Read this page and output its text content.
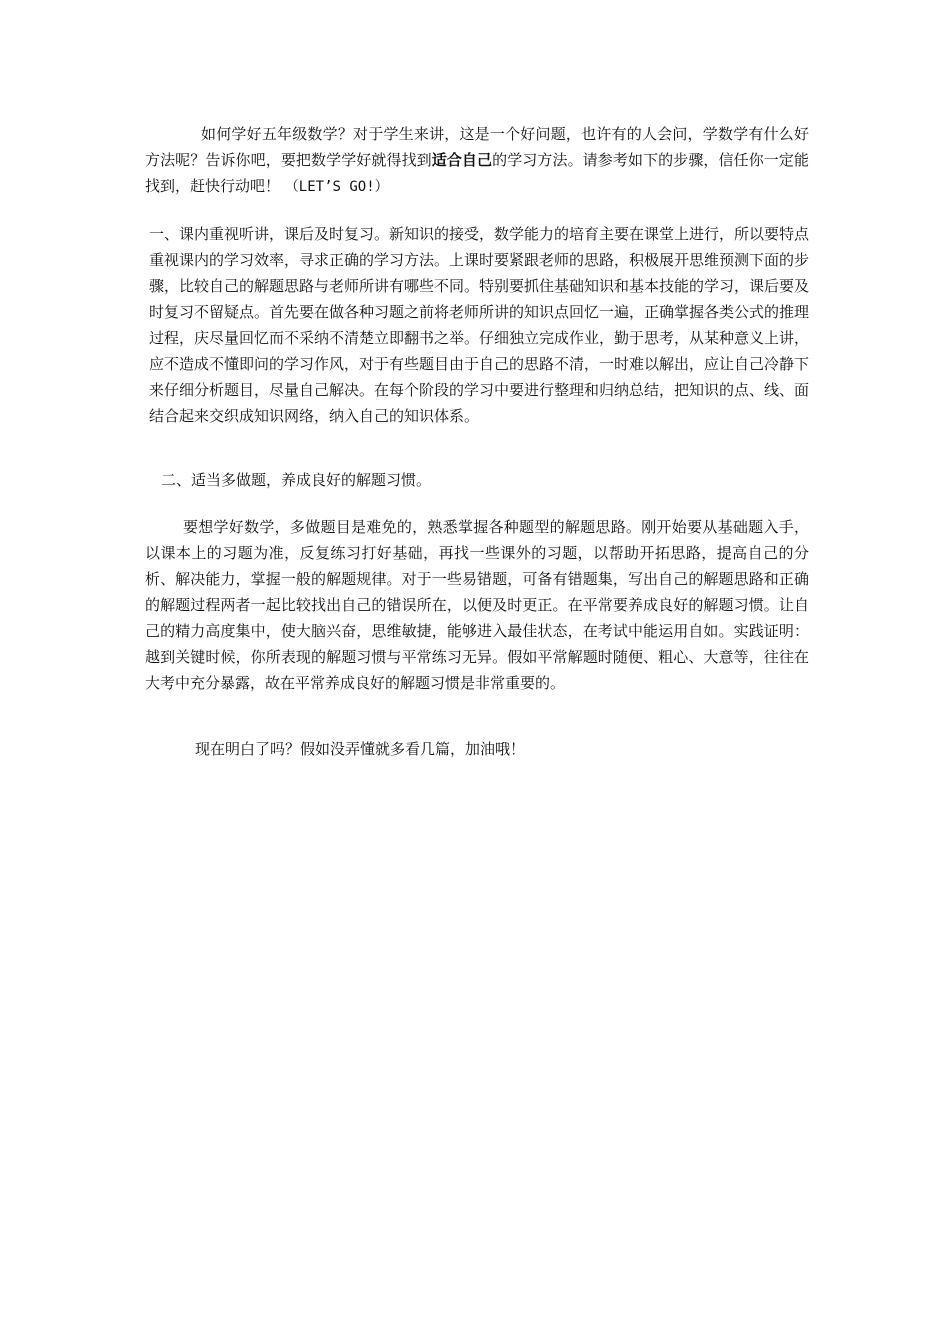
如何学好五年级数学？对于学生来讲，这是一个好问题，也许有的人会问，学数学有什么好方法呢？告诉你吧，要把数学学好就得找到适合自己的学习方法。请参考如下的步骤，信任你一定能找到，赶快行动吧！ （LET’S GO!）
一、课内重视听讲，课后及时复习。新知识的接受，数学能力的培育主要在课堂上进行，所以要特点重视课内的学习效率，寻求正确的学习方法。上课时要紧跟老师的思路，积极展开思维预测下面的步骤，比较自己的解题思路与老师所讲有哪些不同。特别要抓住基础知识和基本技能的学习，课后要及时复习不留疑点。首先要在做各种习题之前将老师所讲的知识点回忆一遍，正确掌握各类公式的推理过程，庆尽量回忆而不采纳不清楚立即翻书之举。仔细独立完成作业，勤于思考，从某种意义上讲，应不造成不懂即问的学习作风，对于有些题目由于自己的思路不清，一时难以解出，应让自己冷静下来仔细分析题目，尽量自己解决。在每个阶段的学习中要进行整理和归纳总结，把知识的点、线、面结合起来交织成知识网络，纳入自己的知识体系。
二、适当多做题，养成良好的解题习惯。
要想学好数学，多做题目是难免的，熟悉掌握各种题型的解题思路。刚开始要从基础题入手，以课本上的习题为准，反复练习打好基础，再找一些课外的习题，以帮助开拓思路，提高自己的分析、解决能力，掌握一般的解题规律。对于一些易错题，可备有错题集，写出自己的解题思路和正确的解题过程两者一起比较找出自己的错误所在，以便及时更正。在平常要养成良好的解题习惯。让自己的精力高度集中，使大脑兴奋，思维敏捷，能够进入最佳状态，在考试中能运用自如。实践证明：越到关键时候，你所表现的解题习惯与平常练习无异。假如平常解题时随便、粗心、大意等，往往在大考中充分暴露，故在平常养成良好的解题习惯是非常重要的。
现在明白了吗？假如没弄懂就多看几篇，加油哦！
